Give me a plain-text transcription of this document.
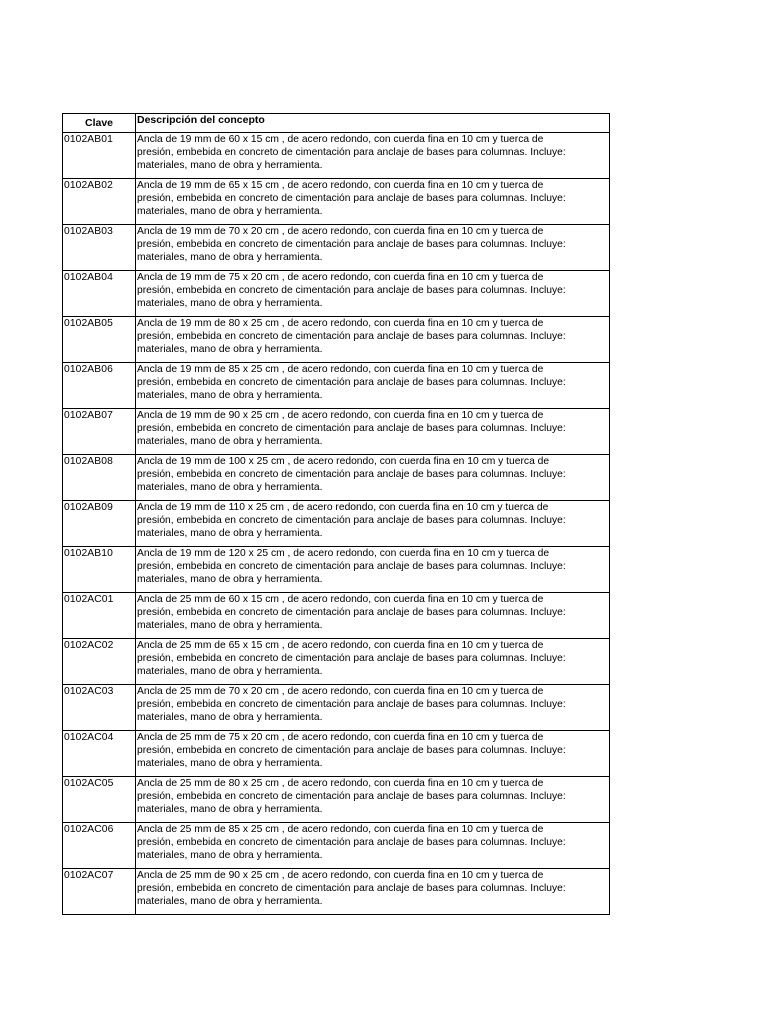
Clave	Descripción del concepto
0102AB01	Ancla de 19 mm de 60 x 15 cm , de acero redondo, con cuerda fina en 10 cm y tuerca de
presión, embebida en concreto de cimentación para anclaje de bases para columnas. Incluye:
materiales, mano de obra y herramienta.

0102AB02	Ancla de 19 mm de 65 x 15 cm , de acero redondo, con cuerda fina en 10 cm y tuerca de
presión, embebida en concreto de cimentación para anclaje de bases para columnas. Incluye:
materiales, mano de obra y herramienta.

0102AB03	Ancla de 19 mm de 70 x 20 cm , de acero redondo, con cuerda fina en 10 cm y tuerca de
presión, embebida en concreto de cimentación para anclaje de bases para columnas. Incluye:
materiales, mano de obra y herramienta.

0102AB04	Ancla de 19 mm de 75 x 20 cm , de acero redondo, con cuerda fina en 10 cm y tuerca de
presión, embebida en concreto de cimentación para anclaje de bases para columnas. Incluye:
materiales, mano de obra y herramienta.

0102AB05	Ancla de 19 mm de 80 x 25 cm , de acero redondo, con cuerda fina en 10 cm y tuerca de
presión, embebida en concreto de cimentación para anclaje de bases para columnas. Incluye:
materiales, mano de obra y herramienta.

0102AB06	Ancla de 19 mm de 85 x 25 cm , de acero redondo, con cuerda fina en 10 cm y tuerca de
presión, embebida en concreto de cimentación para anclaje de bases para columnas. Incluye:
materiales, mano de obra y herramienta.

0102AB07	Ancla de 19 mm de 90 x 25 cm , de acero redondo, con cuerda fina en 10 cm y tuerca de
presión, embebida en concreto de cimentación para anclaje de bases para columnas. Incluye:
materiales, mano de obra y herramienta.

0102AB08	Ancla de 19 mm de 100 x 25 cm , de acero redondo, con cuerda fina en 10 cm y tuerca de
presión, embebida en concreto de cimentación para anclaje de bases para columnas. Incluye:
materiales, mano de obra y herramienta.

0102AB09	Ancla de 19 mm de 110 x 25 cm , de acero redondo, con cuerda fina en 10 cm y tuerca de
presión, embebida en concreto de cimentación para anclaje de bases para columnas. Incluye:
materiales, mano de obra y herramienta.

0102AB10	Ancla de 19 mm de 120 x 25 cm , de acero redondo, con cuerda fina en 10 cm y tuerca de
presión, embebida en concreto de cimentación para anclaje de bases para columnas. Incluye:
materiales, mano de obra y herramienta.

0102AC01	Ancla de 25 mm de 60 x 15 cm , de acero redondo, con cuerda fina en 10 cm y tuerca de
presión, embebida en concreto de cimentación para anclaje de bases para columnas. Incluye:
materiales, mano de obra y herramienta.

0102AC02	Ancla de 25 mm de 65 x 15 cm , de acero redondo, con cuerda fina en 10 cm y tuerca de
presión, embebida en concreto de cimentación para anclaje de bases para columnas. Incluye:
materiales, mano de obra y herramienta.

0102AC03	Ancla de 25 mm de 70 x 20 cm , de acero redondo, con cuerda fina en 10 cm y tuerca de
presión, embebida en concreto de cimentación para anclaje de bases para columnas. Incluye:
materiales, mano de obra y herramienta.

0102AC04	Ancla de 25 mm de 75 x 20 cm , de acero redondo, con cuerda fina en 10 cm y tuerca de
presión, embebida en concreto de cimentación para anclaje de bases para columnas. Incluye:
materiales, mano de obra y herramienta.

0102AC05	Ancla de 25 mm de 80 x 25 cm , de acero redondo, con cuerda fina en 10 cm y tuerca de
presión, embebida en concreto de cimentación para anclaje de bases para columnas. Incluye:
materiales, mano de obra y herramienta.

0102AC06	Ancla de 25 mm de 85 x 25 cm , de acero redondo, con cuerda fina en 10 cm y tuerca de
presión, embebida en concreto de cimentación para anclaje de bases para columnas. Incluye:
materiales, mano de obra y herramienta.

0102AC07	Ancla de 25 mm de 90 x 25 cm , de acero redondo, con cuerda fina en 10 cm y tuerca de
presión, embebida en concreto de cimentación para anclaje de bases para columnas. Incluye:
materiales, mano de obra y herramienta.
